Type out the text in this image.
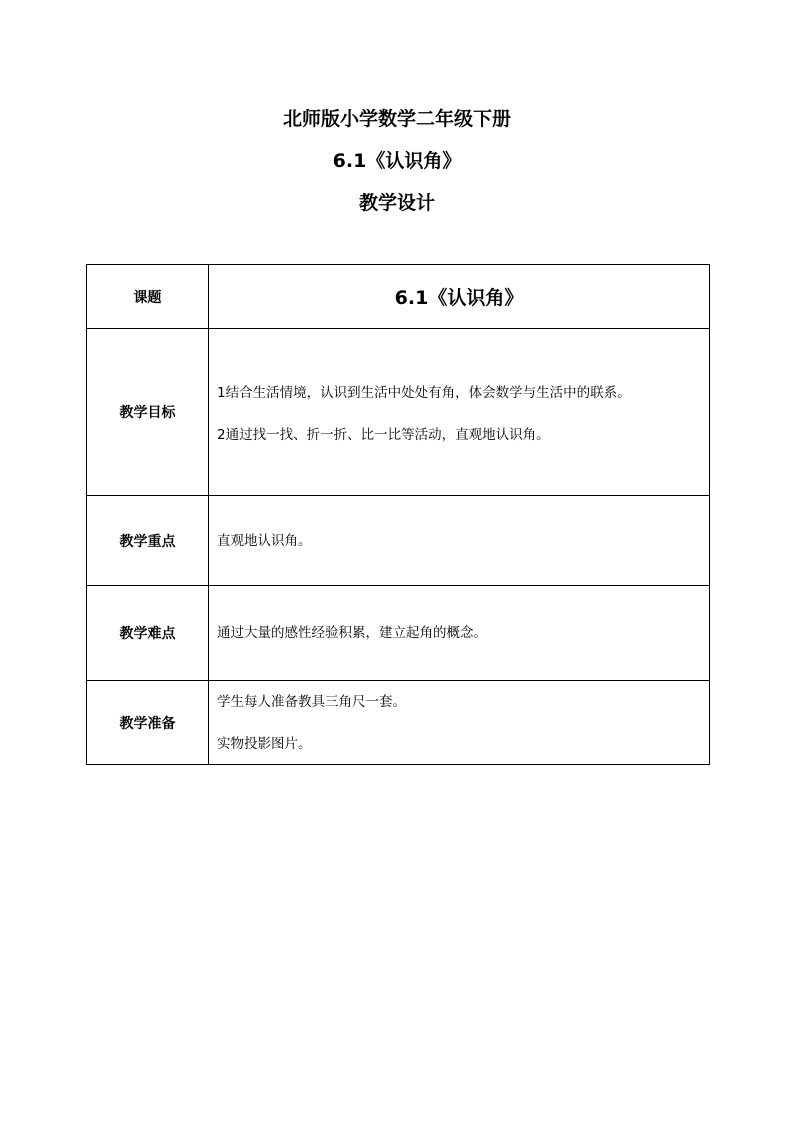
北师版小学数学二年级下册
6.1《认识角》
教学设计
课题	6.1《认识角》
教学目标	1结合生活情境，认识到生活中处处有角，体会数学与生活中的联系。
2通过找一找、折一折、比一比等活动，直观地认识角。

教学重点	直观地认识角。

教学难点	通过大量的感性经验积累，建立起角的概念。

教学准备	学生每人准备教具三角尺一套。
实物投影图片。
